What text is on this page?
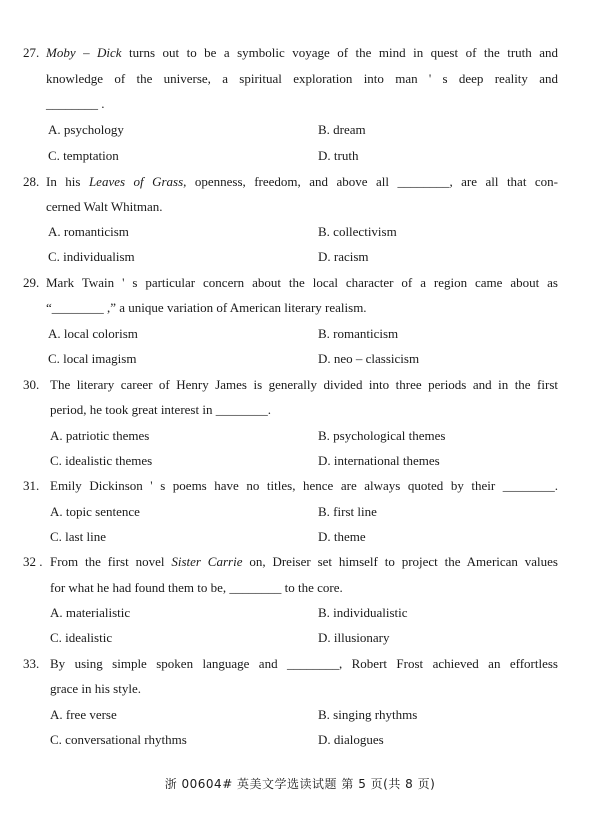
27. Moby – Dick turns out to be a symbolic voyage of the mind in quest of the truth and
knowledge of the universe, a spiritual exploration into man ' s deep reality and
________ .
A. psychology	B. dream
C. temptation	D. truth
28. In his Leaves of Grass, openness, freedom, and above all ________, are all that con-
cerned Walt Whitman.
A. romanticism	B. collectivism
C. individualism	D. racism
29. Mark Twain ' s particular concern about the local character of a region came about as
“________ ,” a unique variation of American literary realism.
A. local colorism	B. romanticism
C. local imagism	D. neo – classicism
30. The literary career of Henry James is generally divided into three periods and in the first
period, he took great interest in ________.
A. patriotic themes	B. psychological themes
C. idealistic themes	D. international themes
31. Emily Dickinson ' s poems have no titles, hence are always quoted by their ________.
A. topic sentence	B. first line
C. last line	D. theme
32 . From the first novel Sister Carrie on, Dreiser set himself to project the American values
for what he had found them to be, ________ to the core.
A. materialistic	B. individualistic
C. idealistic	D. illusionary
33. By using simple spoken language and ________, Robert Frost achieved an effortless
grace in his style.
A. free verse	B. singing rhythms
C. conversational rhythms	D. dialogues
浙 00604# 英美文学选读试题 第 5 页(共 8 页)
